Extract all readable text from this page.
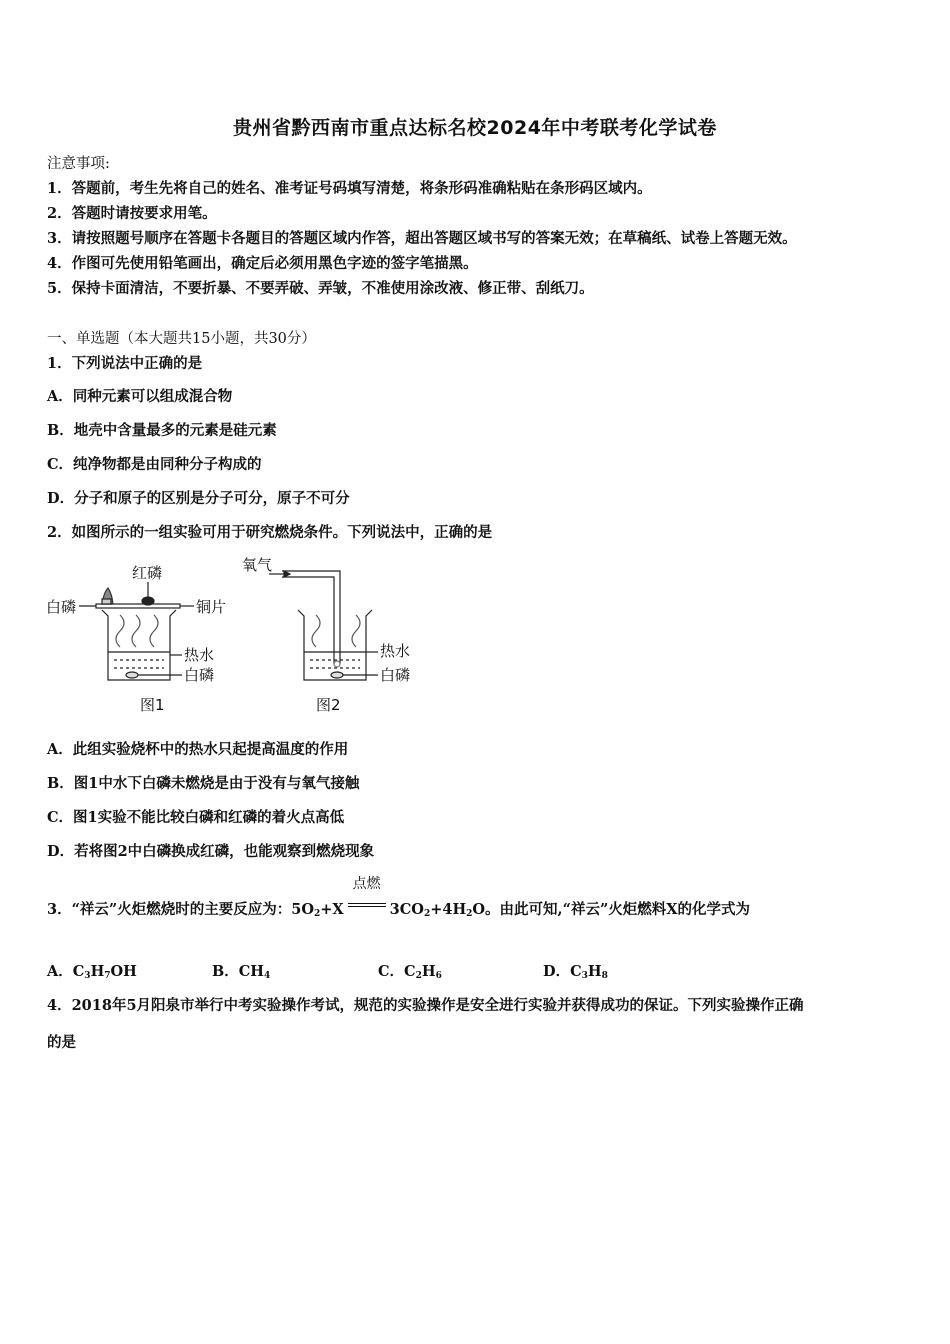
贵州省黔西南市重点达标名校2024年中考联考化学试卷
注意事项:
1．答题前，考生先将自己的姓名、准考证号码填写清楚，将条形码准确粘贴在条形码区域内。
2．答题时请按要求用笔。
3．请按照题号顺序在答题卡各题目的答题区域内作答，超出答题区域书写的答案无效；在草稿纸、试卷上答题无效。
4．作图可先使用铅笔画出，确定后必须用黑色字迹的签字笔描黑。
5．保持卡面清洁，不要折暴、不要弄破、弄皱，不准使用涂改液、修正带、刮纸刀。
一、单选题（本大题共15小题，共30分）
1．下列说法中正确的是
A．同种元素可以组成混合物
B．地壳中含量最多的元素是硅元素
C．纯净物都是由同种分子构成的
D．分子和原子的区别是分子可分，原子不可分
2．如图所示的一组实验可用于研究燃烧条件。下列说法中，正确的是
红磷
白磷	铜片
热水
白磷
图1
氧气
热水
白磷
图2
A．此组实验烧杯中的热水只起提高温度的作用
B．图1中水下白磷未燃烧是由于没有与氧气接触
C．图1实验不能比较白磷和红磷的着火点高低
D．若将图2中白磷换成红磷，也能观察到燃烧现象
3．“祥云”火炬燃烧时的主要反应为：$5O_2+X$
点燃
$3CO_2+4H_2O$。由此可知,“祥云”火炬燃料X的化学式为
A．$C_3H_7OH$	B．$CH_4$	C．$C_2H_6$	D．$C_3H_8$
4．2018年5月阳泉市举行中考实验操作考试，规范的实验操作是安全进行实验并获得成功的保证。下列实验操作正确
的是
